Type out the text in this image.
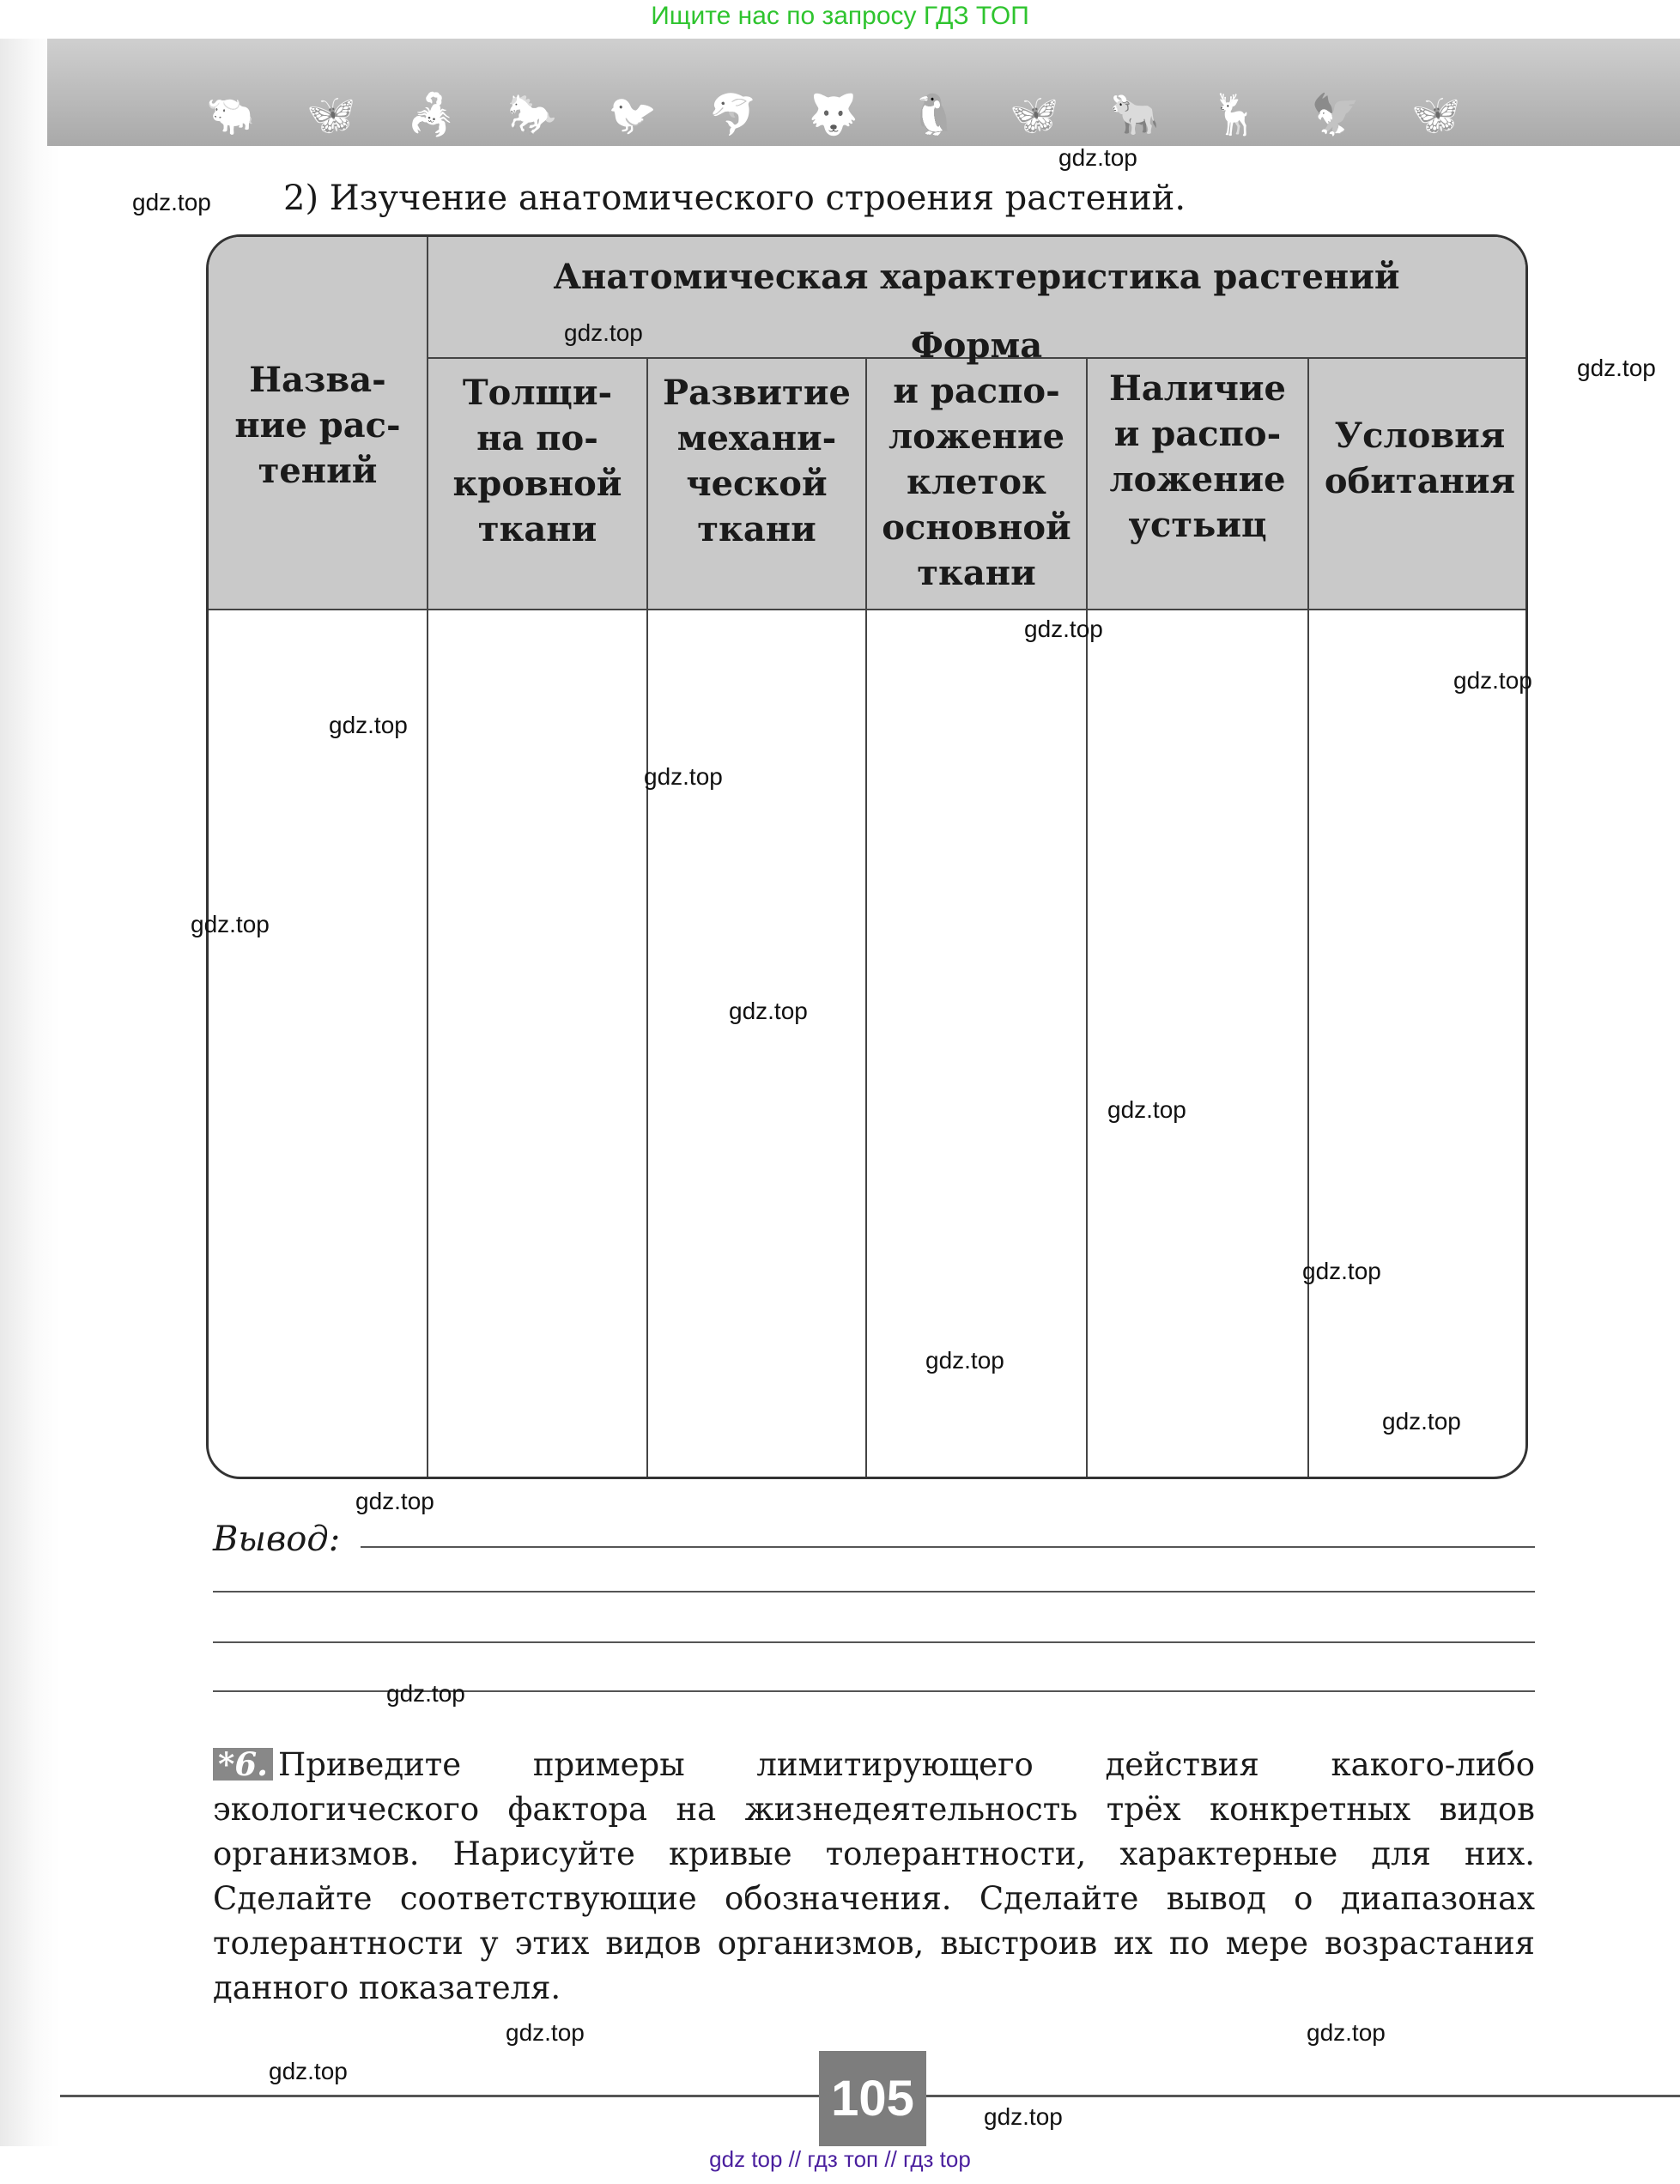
Ищите нас по запросу ГДЗ ТОП
🐃 🦋 🦂 🐎 🐦 🐬 🐺 🐧 🦋 🐂 🦌 🦅 🦋
2) Изучение анатомического строения растений.
Анатомическая характеристика растений
Назва-
ние рас-
тений
Толщи-
на по-
кровной
ткани
Развитие
механи-
ческой
ткани
Форма
и распо-
ложение
клеток
основной
ткани
Наличие
и распо-
ложение
устьиц
Условия
обитания
Вывод:
*6. Приведите примеры лимитирующего действия какого-либо экологического фактора на жизнедеятельность трёх конкретных видов организмов. Нарисуйте кривые толерантности, характерные для них. Сделайте соответствующие обозначения. Сделайте вывод о диапазонах толерантности у этих видов организмов, выстроив их по мере возрастания данного показателя.
105
gdz top // гдз топ // гдз top
gdz.top
gdz.top
gdz.top
gdz.top
gdz.top
gdz.top
gdz.top
gdz.top
gdz.top
gdz.top
gdz.top
gdz.top
gdz.top
gdz.top
gdz.top
gdz.top
gdz.top
gdz.top
gdz.top
gdz.top
